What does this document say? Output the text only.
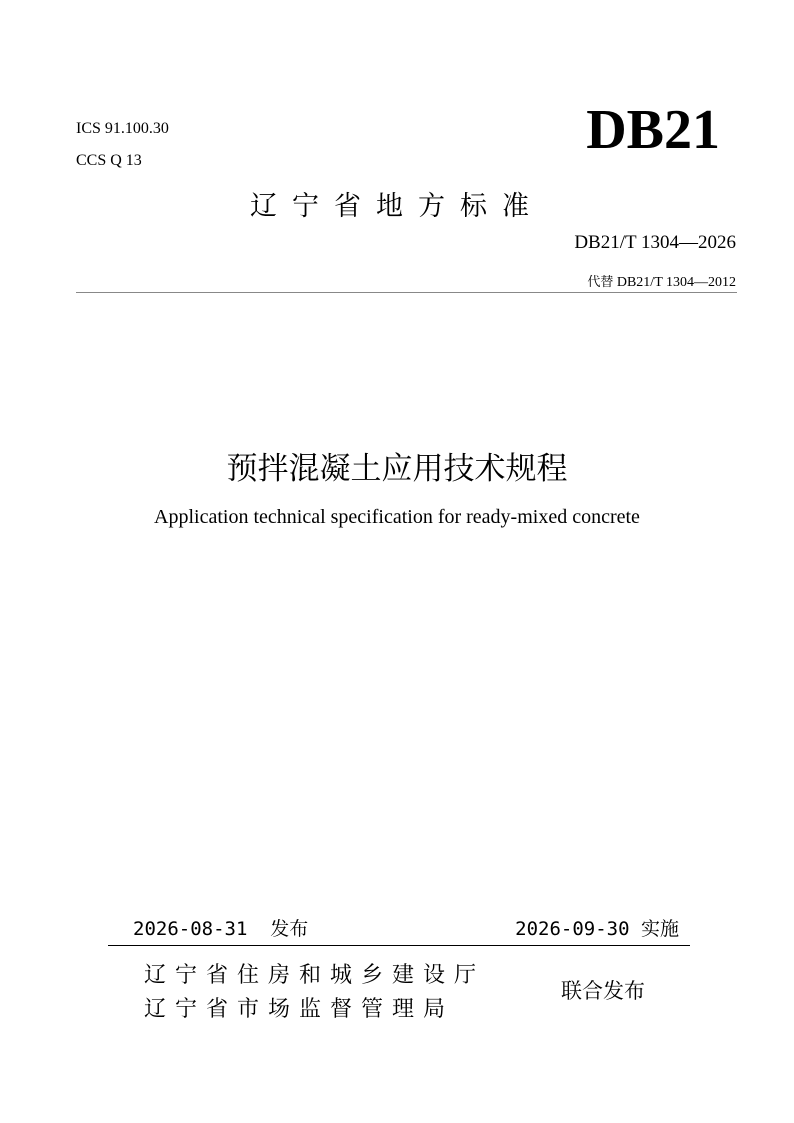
ICS 91.100.30
CCS Q 13	DB21
辽宁省地方标准
DB21/T 1304—2026
代替 DB21/T 1304—2012
预拌混凝土应用技术规程
Application technical specification for ready-mixed concrete
2026-08-31 发布	2026-09-30 实施
辽宁省住房和城乡建设厅
辽宁省市场监督管理局
联合发布
